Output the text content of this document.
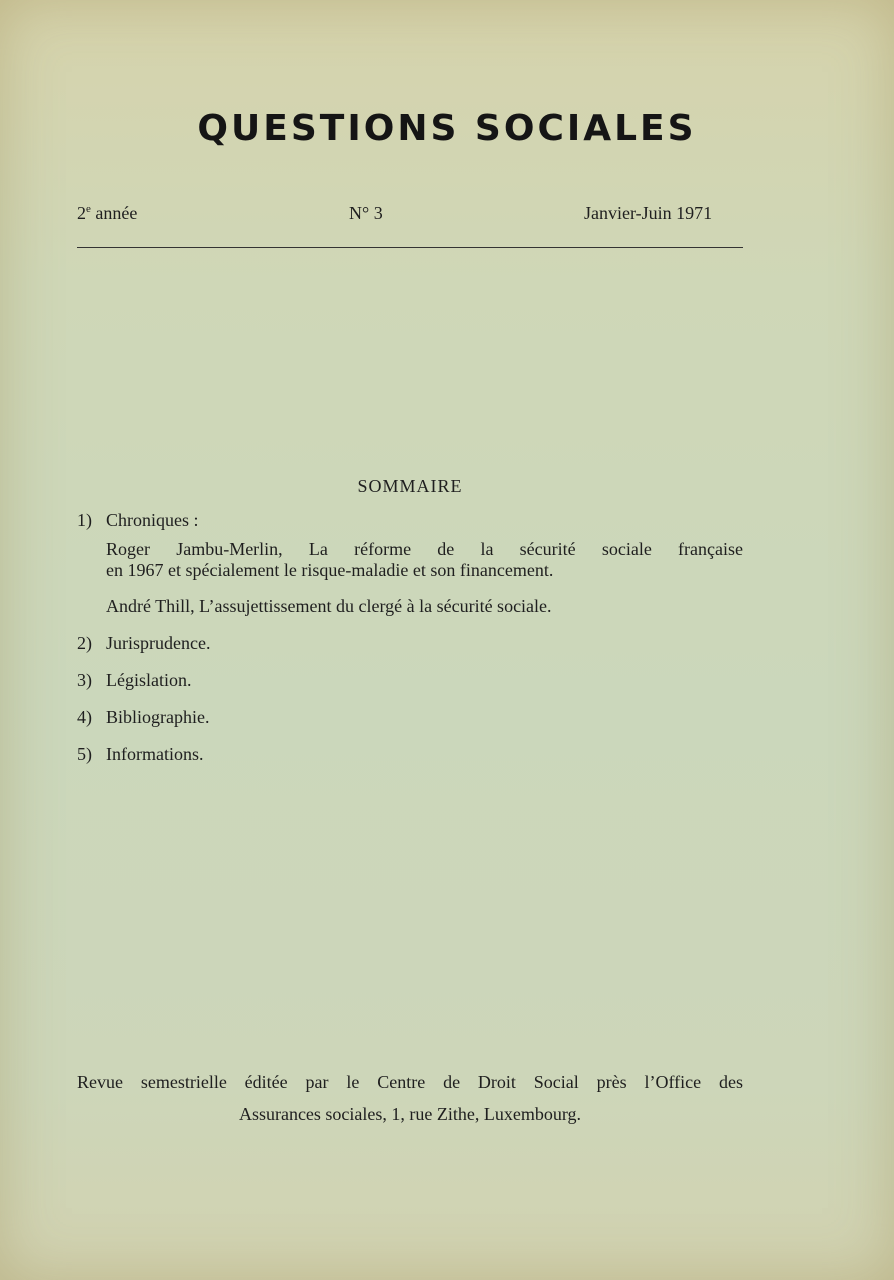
QUESTIONS SOCIALES
2e année	N° 3	Janvier-Juin 1971
SOMMAIRE
1) Chroniques :
Roger Jambu-Merlin, La réforme de la sécurité sociale française
en 1967 et spécialement le risque-maladie et son financement.
André Thill, L’assujettissement du clergé à la sécurité sociale.
2) Jurisprudence.
3) Législation.
4) Bibliographie.
5) Informations.
Revue semestrielle éditée par le Centre de Droit Social près l’Office des
Assurances sociales, 1, rue Zithe, Luxembourg.
